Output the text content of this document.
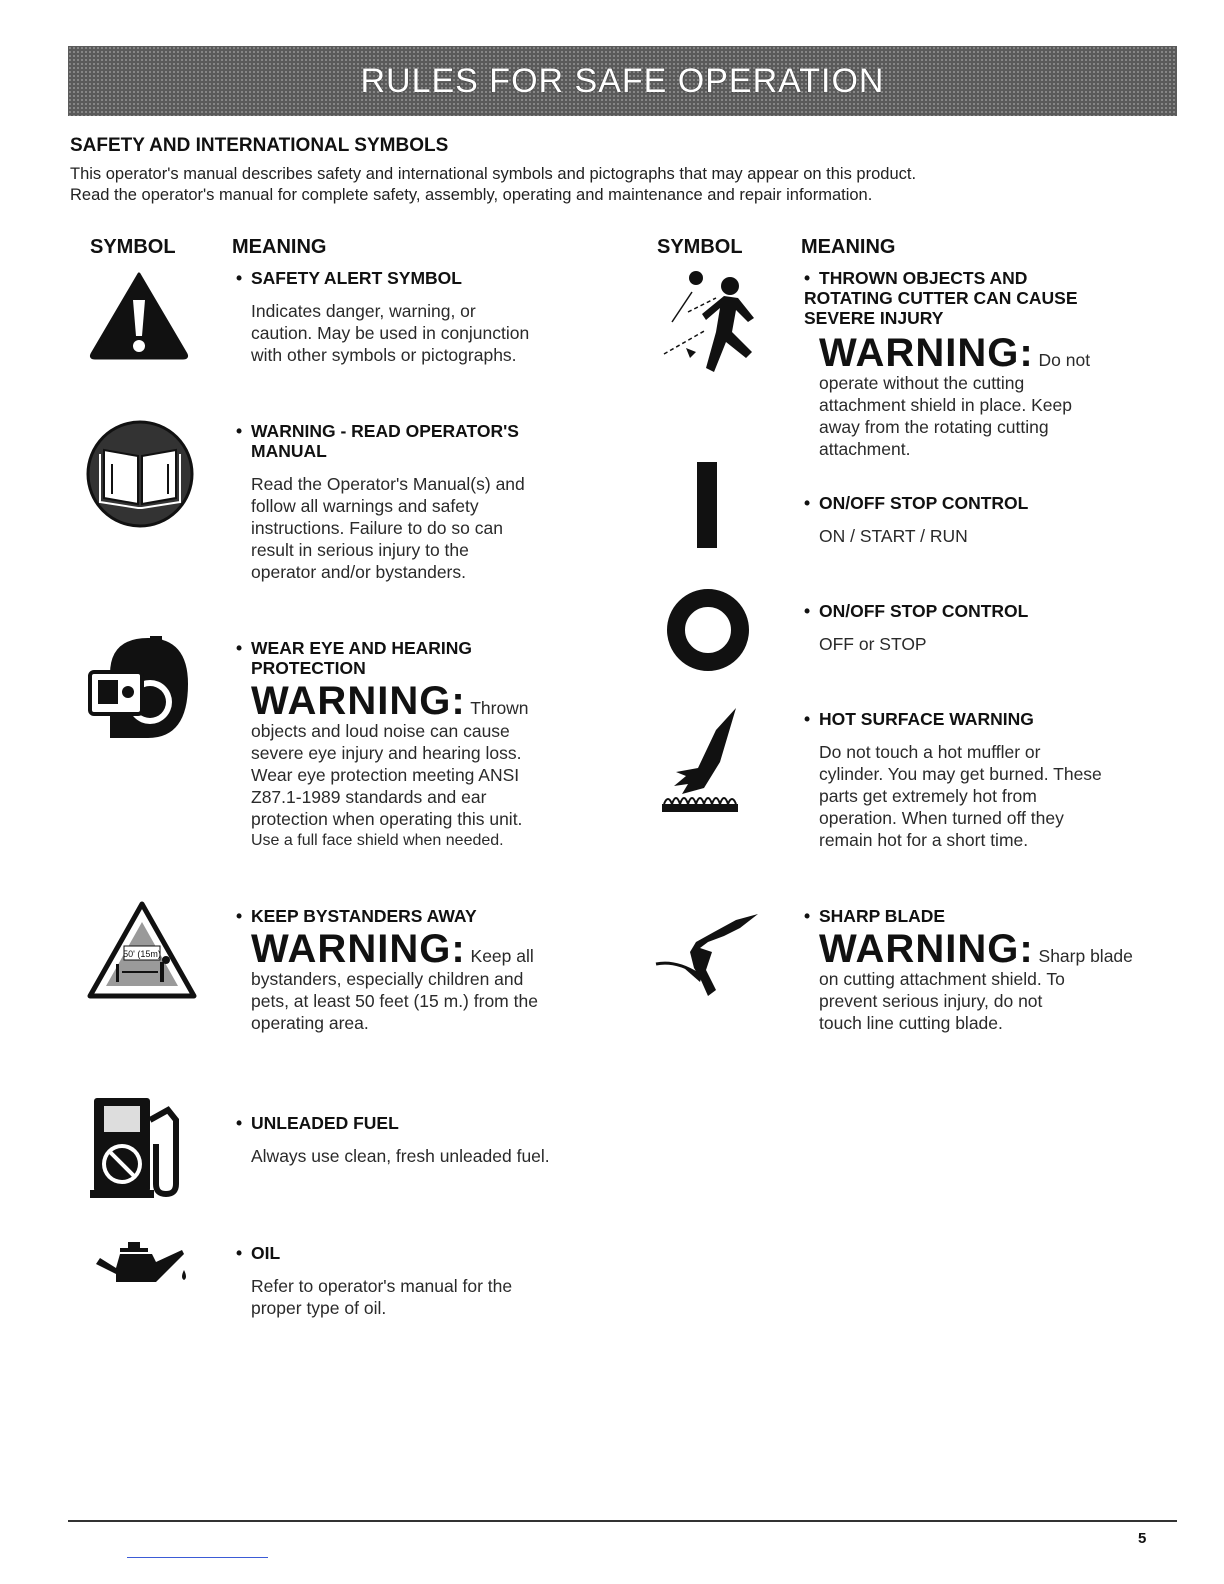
RULES FOR SAFE OPERATION
SAFETY AND INTERNATIONAL SYMBOLS
This operator's manual describes safety and international symbols and pictographs that may appear on this product.
Read the operator's manual for complete safety, assembly, operating and maintenance and repair information.
SYMBOL	MEANING	SYMBOL	MEANING
• SAFETY ALERT SYMBOL
Indicates danger, warning, or
caution. May be used in conjunction
with other symbols or pictographs.
• WARNING - READ OPERATOR'S
MANUAL
Read the Operator's Manual(s) and
follow all warnings and safety
instructions. Failure to do so can
result in serious injury to the
operator and/or bystanders.
• WEAR EYE AND HEARING
PROTECTION
WARNING: Thrown
objects and loud noise can cause
severe eye injury and hearing loss.
Wear eye protection meeting ANSI
Z87.1-1989 standards and ear
protection when operating this unit.
Use a full face shield when needed.
50' (15m)
• KEEP BYSTANDERS AWAY
WARNING: Keep all
bystanders, especially children and
pets, at least 50 feet (15 m.) from the
operating area.
• UNLEADED FUEL
Always use clean, fresh unleaded fuel.
• OIL
Refer to operator's manual for the
proper type of oil.
• THROWN OBJECTS AND
ROTATING CUTTER CAN CAUSE
SEVERE INJURY
WARNING: Do not
operate without the cutting
attachment shield in place. Keep
away from the rotating cutting
attachment.
• ON/OFF STOP CONTROL
ON / START / RUN
• ON/OFF STOP CONTROL
OFF or STOP
• HOT SURFACE WARNING
Do not touch a hot muffler or
cylinder. You may get burned. These
parts get extremely hot from
operation. When turned off they
remain hot for a short time.
• SHARP BLADE
WARNING: Sharp blade
on cutting attachment shield. To
prevent serious injury, do not
touch line cutting blade.
5
